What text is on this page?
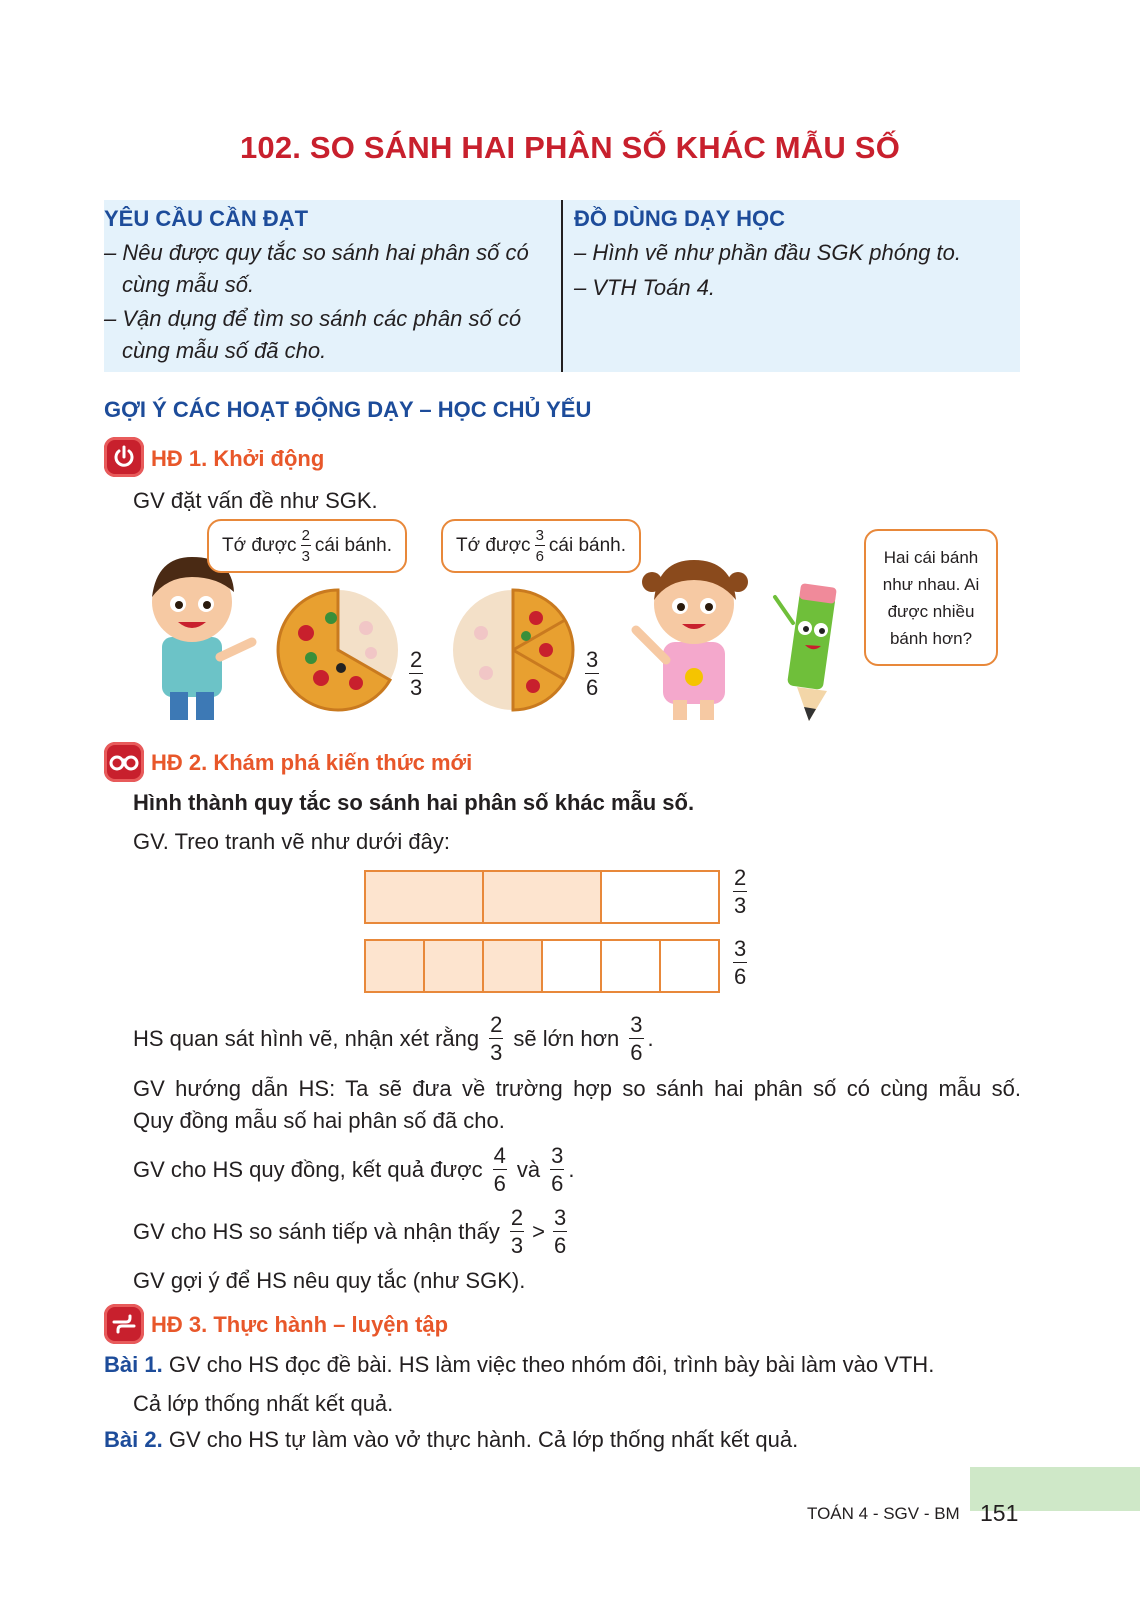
102. SO SÁNH HAI PHÂN SỐ KHÁC MẪU SỐ
YÊU CẦU CẦN ĐẠT
– Nêu được quy tắc so sánh hai phân số có
cùng mẫu số.
– Vận dụng để tìm so sánh các phân số có
cùng mẫu số đã cho.
ĐỒ DÙNG DẠY HỌC
– Hình vẽ như phần đầu SGK phóng to.
– VTH Toán 4.
GỢI Ý CÁC HOẠT ĐỘNG DẠY – HỌC CHỦ YẾU
HĐ 1. Khởi động
GV đặt vấn đề như SGK.
Tớ được $\frac{2}{3}$ cái bánh.
$\frac{2}{3}$
Tớ được $\frac{3}{6}$ cái bánh.
$\frac{3}{6}$
Hai cái bánh
như nhau. Ai
được nhiều
bánh hơn?
HĐ 2. Khám phá kiến thức mới
Hình thành quy tắc so sánh hai phân số khác mẫu số.
GV. Treo tranh vẽ như dưới đây:
$\frac{2}{3}$
$\frac{3}{6}$
HS quan sát hình vẽ, nhận xét rằng $\frac{2}{3}$ sẽ lớn hơn $\frac{3}{6}$ .
GV hướng dẫn HS: Ta sẽ đưa về trường hợp so sánh hai phân số có cùng mẫu số.
Quy đồng mẫu số hai phân số đã cho.
GV cho HS quy đồng, kết quả được $\frac{4}{6}$ và $\frac{3}{6}$ .
GV cho HS so sánh tiếp và nhận thấy $\frac{2}{3} > \frac{3}{6}$
GV gợi ý để HS nêu quy tắc (như SGK).
HĐ 3. Thực hành – luyện tập
Bài 1. GV cho HS đọc đề bài. HS làm việc theo nhóm đôi, trình bày bài làm vào VTH.
Cả lớp thống nhất kết quả.
Bài 2. GV cho HS tự làm vào vở thực hành. Cả lớp thống nhất kết quả.
TOÁN 4 - SGV - BM 151
